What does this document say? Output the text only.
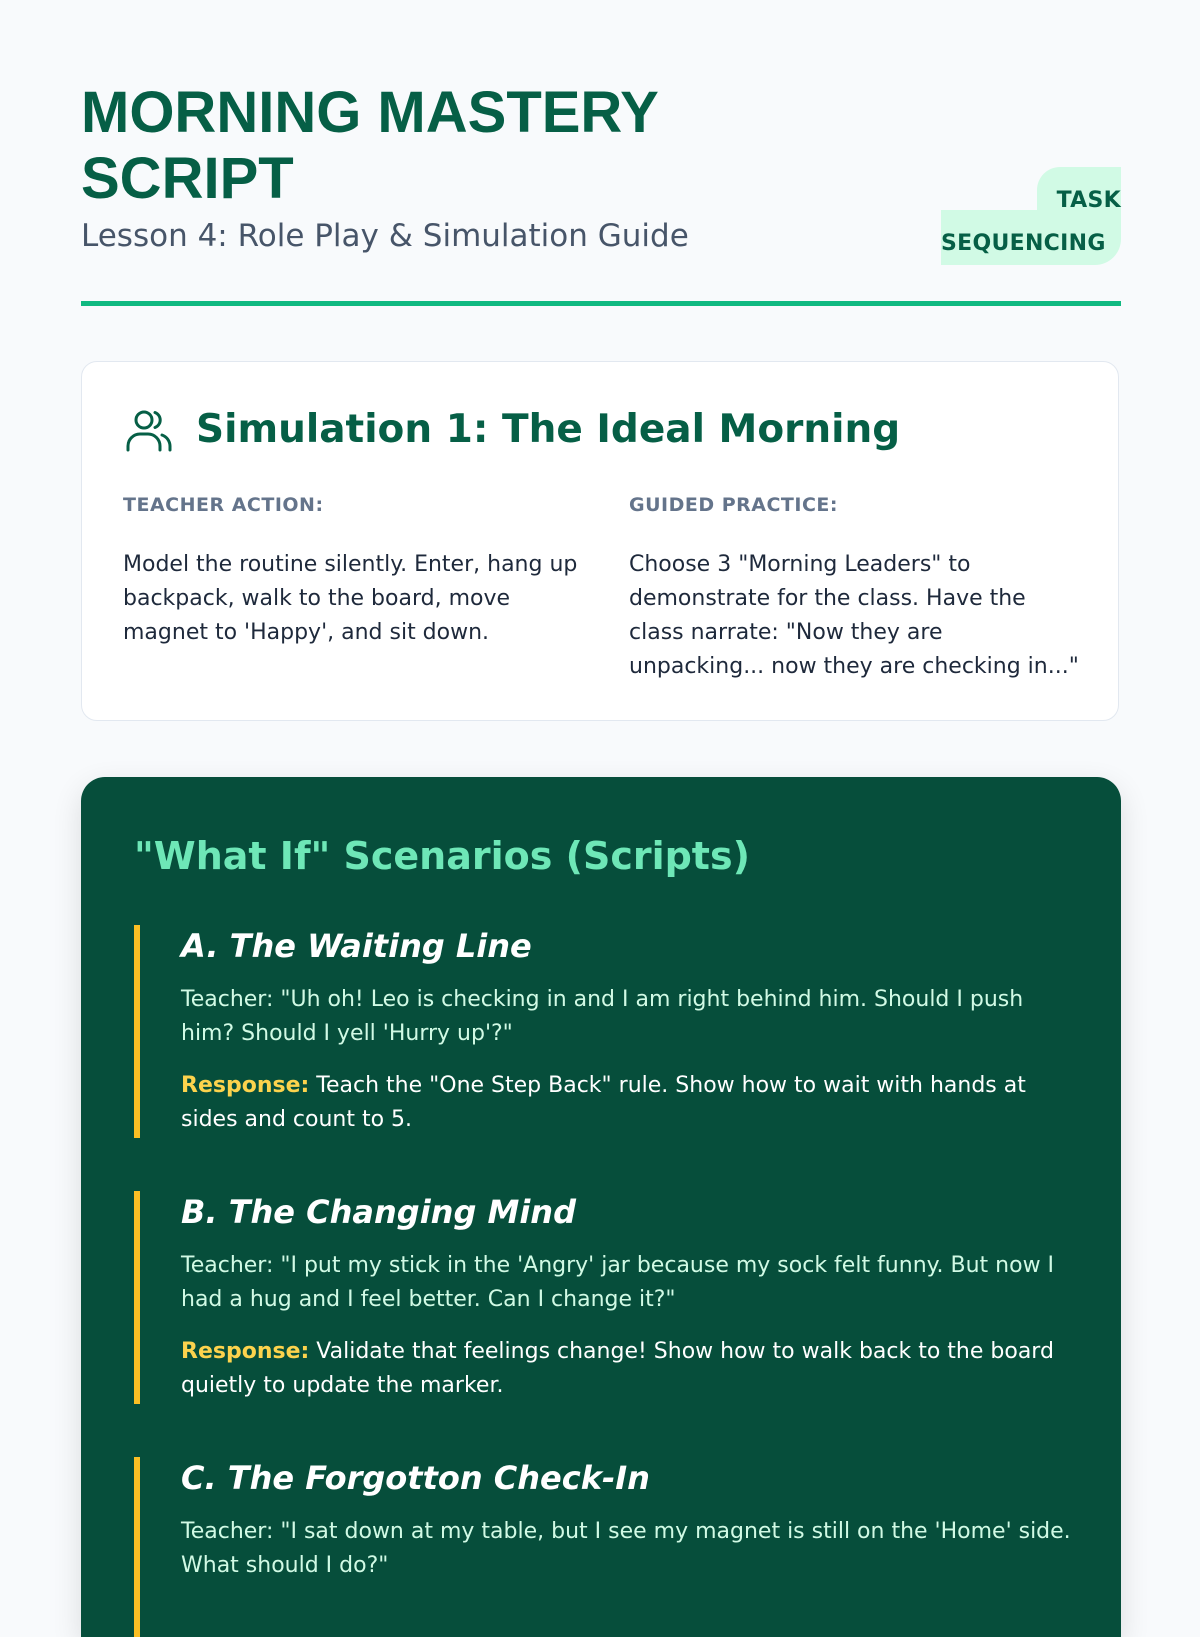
MORNING MASTERY SCRIPT

Lesson 4: Role Play & Simulation Guide

TASK
SEQUENCING
Simulation 1: The Ideal Morning

TEACHER ACTION:

Model the routine silently. Enter, hang up backpack, walk to the board, move magnet to 'Happy', and sit down.

GUIDED PRACTICE:

Choose 3 "Morning Leaders" to demonstrate for the class. Have the class narrate: "Now they are unpacking... now they are checking in..."

"What If" Scenarios (Scripts)
A. The Waiting Line

Teacher: "Uh oh! Leo is checking in and I am right behind him. Should I push him? Should I yell 'Hurry up'?"

Response: Teach the "One Step Back" rule. Show how to wait with hands at sides and count to 5.

B. The Changing Mind

Teacher: "I put my stick in the 'Angry' jar because my sock felt funny. But now I had a hug and I feel better. Can I change it?"

Response: Validate that feelings change! Show how to walk back to the board quietly to update the marker.

C. The Forgotton Check-In

Teacher: "I sat down at my table, but I see my magnet is still on the 'Home' side. What should I do?"
